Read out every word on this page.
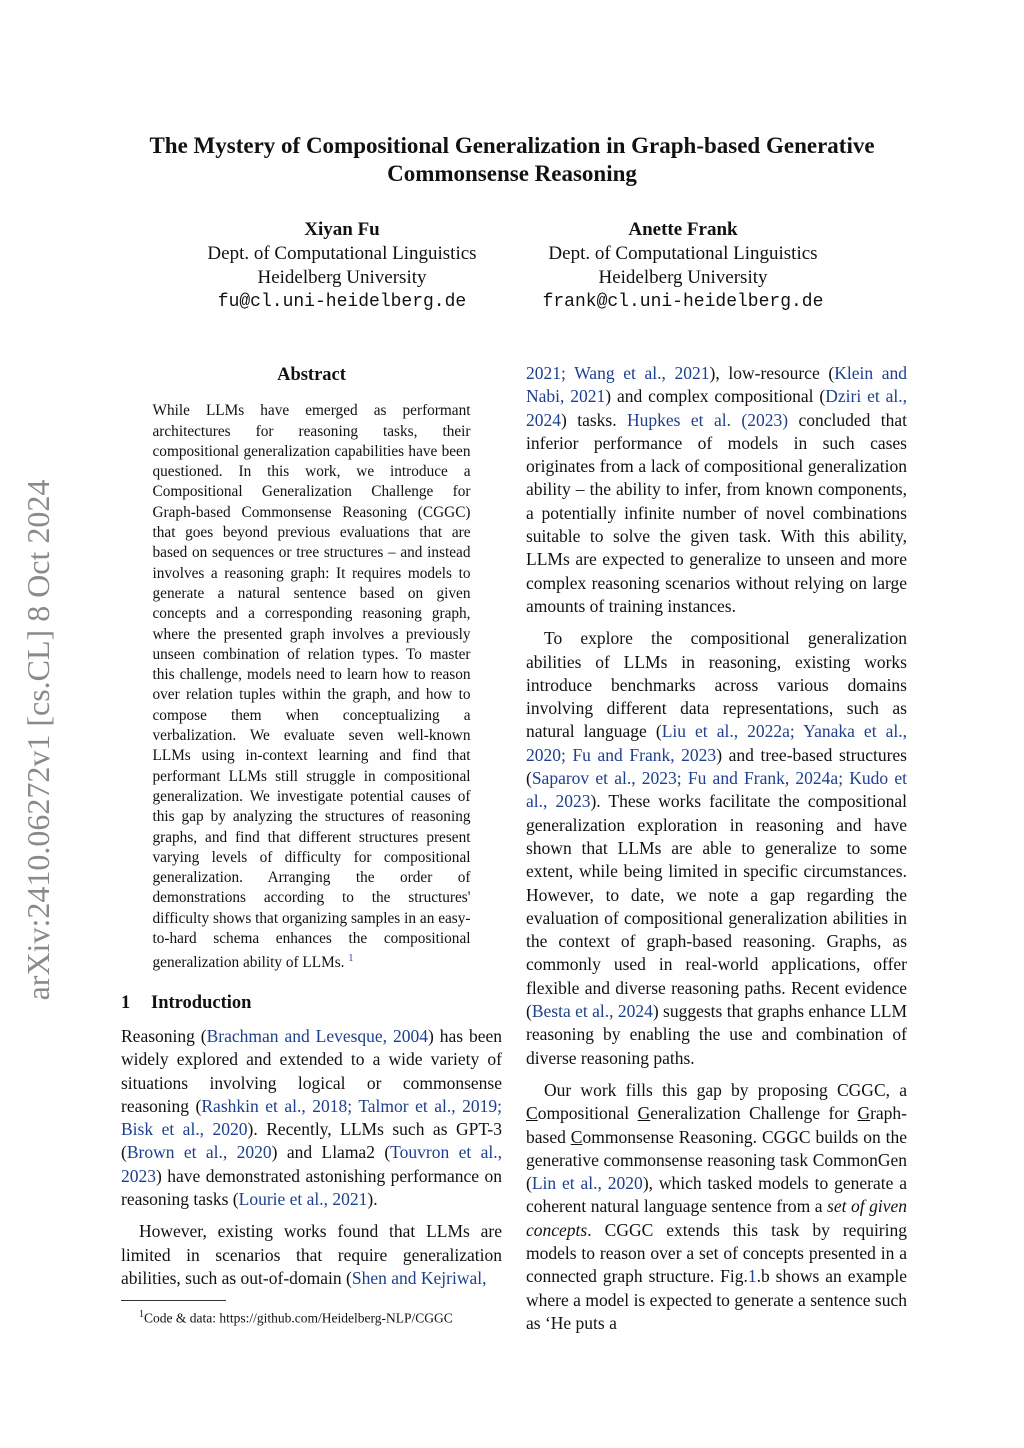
The Mystery of Compositional Generalization in Graph-based Generative Commonsense Reasoning
Xiyan Fu
Dept. of Computational Linguistics
Heidelberg University
fu@cl.uni-heidelberg.de
Anette Frank
Dept. of Computational Linguistics
Heidelberg University
frank@cl.uni-heidelberg.de
arXiv:2410.06272v1 [cs.CL] 8 Oct 2024
Abstract
While LLMs have emerged as performant architectures for reasoning tasks, their compositional generalization capabilities have been questioned. In this work, we introduce a Compositional Generalization Challenge for Graph-based Commonsense Reasoning (CGGC) that goes beyond previous evaluations that are based on sequences or tree structures – and instead involves a reasoning graph: It requires models to generate a natural sentence based on given concepts and a corresponding reasoning graph, where the presented graph involves a previously unseen combination of relation types. To master this challenge, models need to learn how to reason over relation tuples within the graph, and how to compose them when conceptualizing a verbalization. We evaluate seven well-known LLMs using in-context learning and find that performant LLMs still struggle in compositional generalization. We investigate potential causes of this gap by analyzing the structures of reasoning graphs, and find that different structures present varying levels of difficulty for compositional generalization. Arranging the order of demonstrations according to the structures' difficulty shows that organizing samples in an easy-to-hard schema enhances the compositional generalization ability of LLMs. $^1$
1 Introduction

Reasoning (Brachman and Levesque, 2004) has been widely explored and extended to a wide variety of situations involving logical or commonsense reasoning (Rashkin et al., 2018; Talmor et al., 2019; Bisk et al., 2020). Recently, LLMs such as GPT-3 (Brown et al., 2020) and Llama2 (Touvron et al., 2023) have demonstrated astonishing performance on reasoning tasks (Lourie et al., 2021).

However, existing works found that LLMs are limited in scenarios that require generalization abilities, such as out-of-domain (Shen and Kejriwal,

$^1$Code & data: https://github.com/Heidelberg-NLP/CGGC

2021; Wang et al., 2021), low-resource (Klein and Nabi, 2021) and complex compositional (Dziri et al., 2024) tasks. Hupkes et al. (2023) concluded that inferior performance of models in such cases originates from a lack of compositional generalization ability – the ability to infer, from known components, a potentially infinite number of novel combinations suitable to solve the given task. With this ability, LLMs are expected to generalize to unseen and more complex reasoning scenarios without relying on large amounts of training instances.

To explore the compositional generalization abilities of LLMs in reasoning, existing works introduce benchmarks across various domains involving different data representations, such as natural language (Liu et al., 2022a; Yanaka et al., 2020; Fu and Frank, 2023) and tree-based structures (Saparov et al., 2023; Fu and Frank, 2024a; Kudo et al., 2023). These works facilitate the compositional generalization exploration in reasoning and have shown that LLMs are able to generalize to some extent, while being limited in specific circumstances. However, to date, we note a gap regarding the evaluation of compositional generalization abilities in the context of graph-based reasoning. Graphs, as commonly used in real-world applications, offer flexible and diverse reasoning paths. Recent evidence (Besta et al., 2024) suggests that graphs enhance LLM reasoning by enabling the use and combination of diverse reasoning paths.

Our work fills this gap by proposing CGGC, a Compositional Generalization Challenge for Graph-based Commonsense Reasoning. CGGC builds on the generative commonsense reasoning task CommonGen (Lin et al., 2020), which tasked models to generate a coherent natural language sentence from a set of given concepts. CGGC extends this task by requiring models to reason over a set of concepts presented in a connected graph structure. Fig.1.b shows an example where a model is expected to generate a sentence such as ‘He puts a
